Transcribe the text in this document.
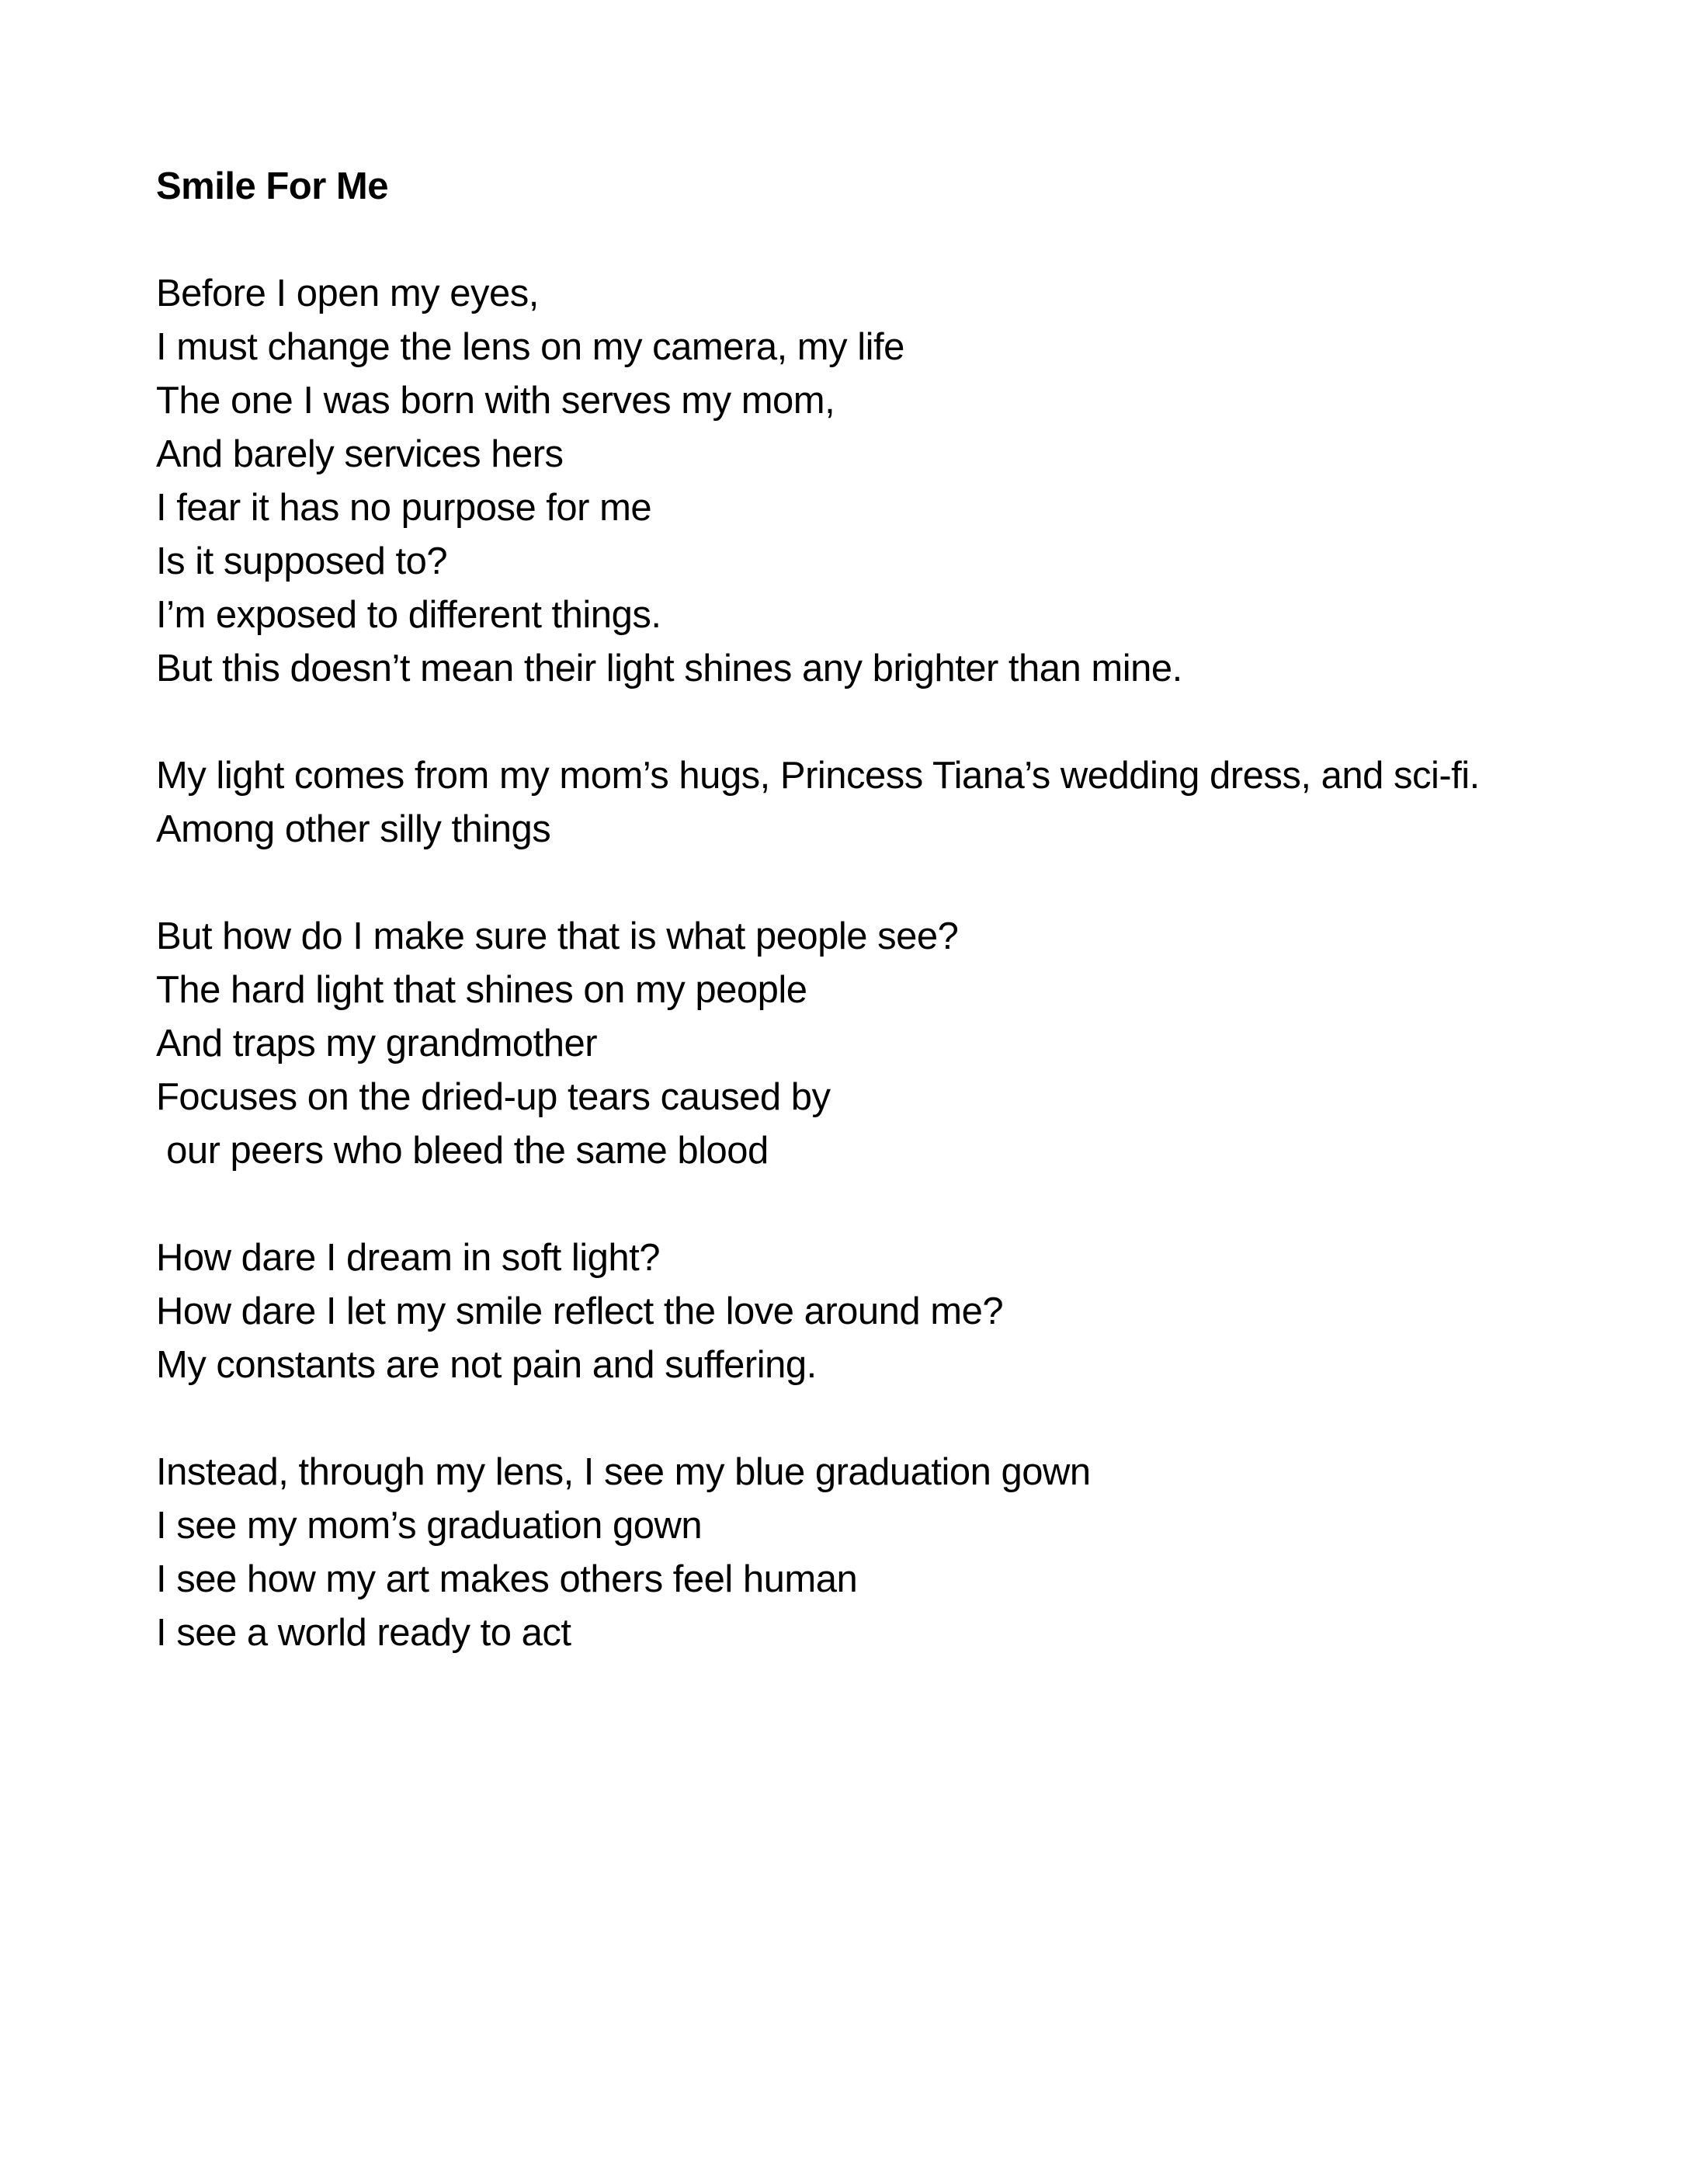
Smile For Me
Before I open my eyes,
I must change the lens on my camera, my life
The one I was born with serves my mom,
And barely services hers
I fear it has no purpose for me
Is it supposed to?
I’m exposed to different things.
But this doesn’t mean their light shines any brighter than mine.
My light comes from my mom’s hugs, Princess Tiana’s wedding dress, and sci-fi.
Among other silly things
But how do I make sure that is what people see?
The hard light that shines on my people
And traps my grandmother
Focuses on the dried-up tears caused by
our peers who bleed the same blood
How dare I dream in soft light?
How dare I let my smile reflect the love around me?
My constants are not pain and suffering.
Instead, through my lens, I see my blue graduation gown
I see my mom’s graduation gown
I see how my art makes others feel human
I see a world ready to act
